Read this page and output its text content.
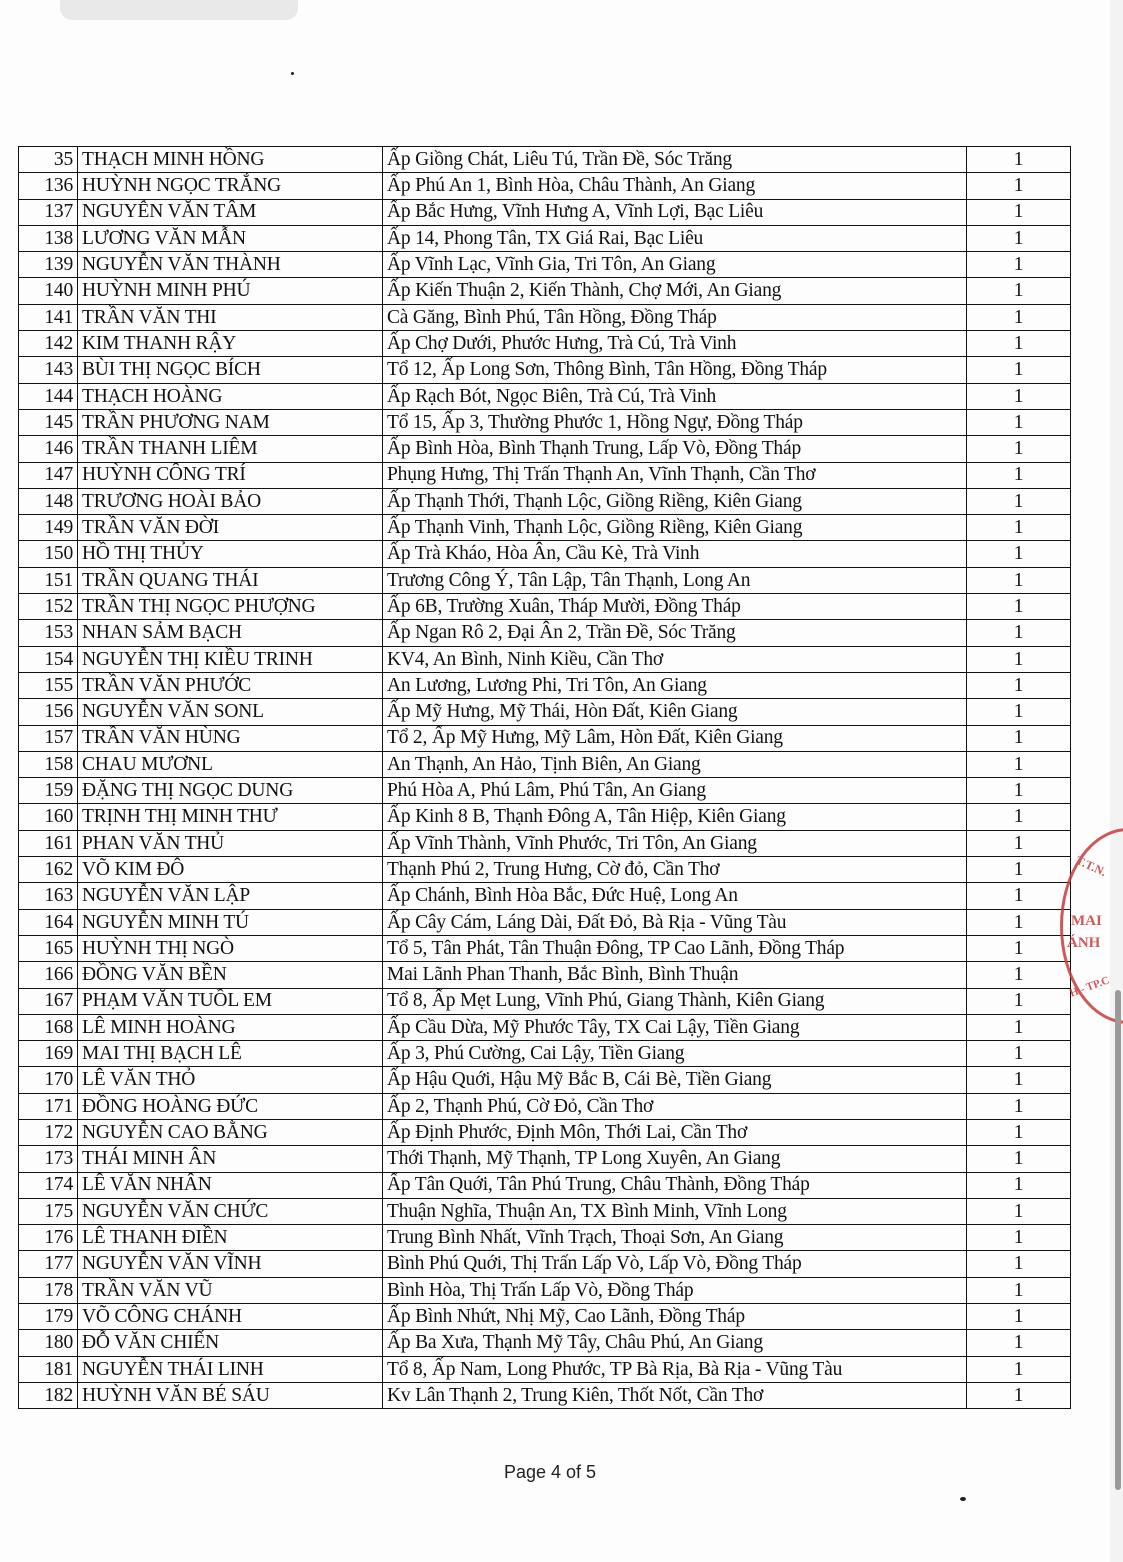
35	THẠCH MINH HỒNG	Ấp Giồng Chát, Liêu Tú, Trần Đề, Sóc Trăng	1
136	HUỲNH NGỌC TRẮNG	Ấp Phú An 1, Bình Hòa, Châu Thành, An Giang	1
137	NGUYỄN VĂN TÂM	Ấp Bắc Hưng, Vĩnh Hưng A, Vĩnh Lợi, Bạc Liêu	1
138	LƯƠNG VĂN MẪN	Ấp 14, Phong Tân, TX Giá Rai, Bạc Liêu	1
139	NGUYỄN VĂN THÀNH	Ấp Vĩnh Lạc, Vĩnh Gia, Tri Tôn, An Giang	1
140	HUỲNH MINH PHÚ	Ấp Kiến Thuận 2, Kiến Thành, Chợ Mới, An Giang	1
141	TRẦN VĂN THI	Cà Găng, Bình Phú, Tân Hồng, Đồng Tháp	1
142	KIM THANH RẬY	Ấp Chợ Dưới, Phước Hưng, Trà Cú, Trà Vinh	1
143	BÙI THỊ NGỌC BÍCH	Tổ 12, Ấp Long Sơn, Thông Bình, Tân Hồng, Đồng Tháp	1
144	THẠCH HOÀNG	Ấp Rạch Bót, Ngọc Biên, Trà Cú, Trà Vinh	1
145	TRẦN PHƯƠNG NAM	Tổ 15, Ấp 3, Thường Phước 1, Hồng Ngự, Đồng Tháp	1
146	TRẦN THANH LIÊM	Ấp Bình Hòa, Bình Thạnh Trung, Lấp Vò, Đồng Tháp	1
147	HUỲNH CÔNG TRÍ	Phụng Hưng, Thị Trấn Thạnh An, Vĩnh Thạnh, Cần Thơ	1
148	TRƯƠNG HOÀI BẢO	Ấp Thạnh Thới, Thạnh Lộc, Giồng Riềng, Kiên Giang	1
149	TRẦN VĂN ĐỜI	Ấp Thạnh Vinh, Thạnh Lộc, Giồng Riềng, Kiên Giang	1
150	HỒ THỊ THỦY	Ấp Trà Kháo, Hòa Ân, Cầu Kè, Trà Vinh	1
151	TRẦN QUANG THÁI	Trương Công Ý, Tân Lập, Tân Thạnh, Long An	1
152	TRẦN THỊ NGỌC PHƯỢNG	Ấp 6B, Trường Xuân, Tháp Mười, Đồng Tháp	1
153	NHAN SẢM BẠCH	Ấp Ngan Rô 2, Đại Ân 2, Trần Đề, Sóc Trăng	1
154	NGUYỄN THỊ KIỀU TRINH	KV4, An Bình, Ninh Kiều, Cần Thơ	1
155	TRẦN VĂN PHƯỚC	An Lương, Lương Phi, Tri Tôn, An Giang	1
156	NGUYỄN VĂN SONL	Ấp Mỹ Hưng, Mỹ Thái, Hòn Đất, Kiên Giang	1
157	TRẦN VĂN HÙNG	Tổ 2, Ấp Mỹ Hưng, Mỹ Lâm, Hòn Đất, Kiên Giang	1
158	CHAU MƯƠNL	An Thạnh, An Hảo, Tịnh Biên, An Giang	1
159	ĐẶNG THỊ NGỌC DUNG	Phú Hòa A, Phú Lâm, Phú Tân, An Giang	1
160	TRỊNH THỊ MINH THƯ	Ấp Kinh 8 B, Thạnh Đông A, Tân Hiệp, Kiên Giang	1
161	PHAN VĂN THỦ	Ấp Vĩnh Thành, Vĩnh Phước, Tri Tôn, An Giang	1
162	VÕ KIM ĐÔ	Thạnh Phú 2, Trung Hưng, Cờ đỏ, Cần Thơ	1
163	NGUYỄN VĂN LẬP	Ấp Chánh, Bình Hòa Bắc, Đức Huệ, Long An	1
164	NGUYỄN MINH TÚ	Ấp Cây Cám, Láng Dài, Đất Đỏ, Bà Rịa - Vũng Tàu	1
165	HUỲNH THỊ NGÒ	Tổ 5, Tân Phát, Tân Thuận Đông, TP Cao Lãnh, Đồng Tháp	1
166	ĐỒNG VĂN BỀN	Mai Lãnh Phan Thanh, Bắc Bình, Bình Thuận	1
167	PHẠM VĂN TUỒL EM	Tổ 8, Ấp Mẹt Lung, Vĩnh Phú, Giang Thành, Kiên Giang	1
168	LÊ MINH HOÀNG	Ấp Cầu Dừa, Mỹ Phước Tây, TX Cai Lậy, Tiền Giang	1
169	MAI THỊ BẠCH LÊ	Ấp 3, Phú Cường, Cai Lậy, Tiền Giang	1
170	LÊ VĂN THỎ	Ấp Hậu Quới, Hậu Mỹ Bắc B, Cái Bè, Tiền Giang	1
171	ĐỒNG HOÀNG ĐỨC	Ấp 2, Thạnh Phú, Cờ Đỏ, Cần Thơ	1
172	NGUYỄN CAO BẰNG	Ấp Định Phước, Định Môn, Thới Lai, Cần Thơ	1
173	THÁI MINH ÂN	Thới Thạnh, Mỹ Thạnh, TP Long Xuyên, An Giang	1
174	LÊ VĂN NHÂN	Ấp Tân Quới, Tân Phú Trung, Châu Thành, Đồng Tháp	1
175	NGUYỄN VĂN CHỨC	Thuận Nghĩa, Thuận An, TX Bình Minh, Vĩnh Long	1
176	LÊ THANH ĐIỀN	Trung Bình Nhất, Vĩnh Trạch, Thoại Sơn, An Giang	1
177	NGUYỄN VĂN VĨNH	Bình Phú Quới, Thị Trấn Lấp Vò, Lấp Vò, Đồng Tháp	1
178	TRẦN VĂN VŨ	Bình Hòa, Thị Trấn Lấp Vò, Đồng Tháp	1
179	VÕ CÔNG CHÁNH	Ấp Bình Nhứt, Nhị Mỹ, Cao Lãnh, Đồng Tháp	1
180	ĐỖ VĂN CHIẾN	Ấp Ba Xưa, Thạnh Mỹ Tây, Châu Phú, An Giang	1
181	NGUYỄN THÁI LINH	Tổ 8, Ấp Nam, Long Phước, TP Bà Rịa, Bà Rịa - Vũng Tàu	1
182	HUỲNH VĂN BÉ SÁU	Kv Lân Thạnh 2, Trung Kiên, Thốt Nốt, Cần Thơ	1
T.T.N.
MAI
ÁNH
H - TP.C
Page 4 of 5
